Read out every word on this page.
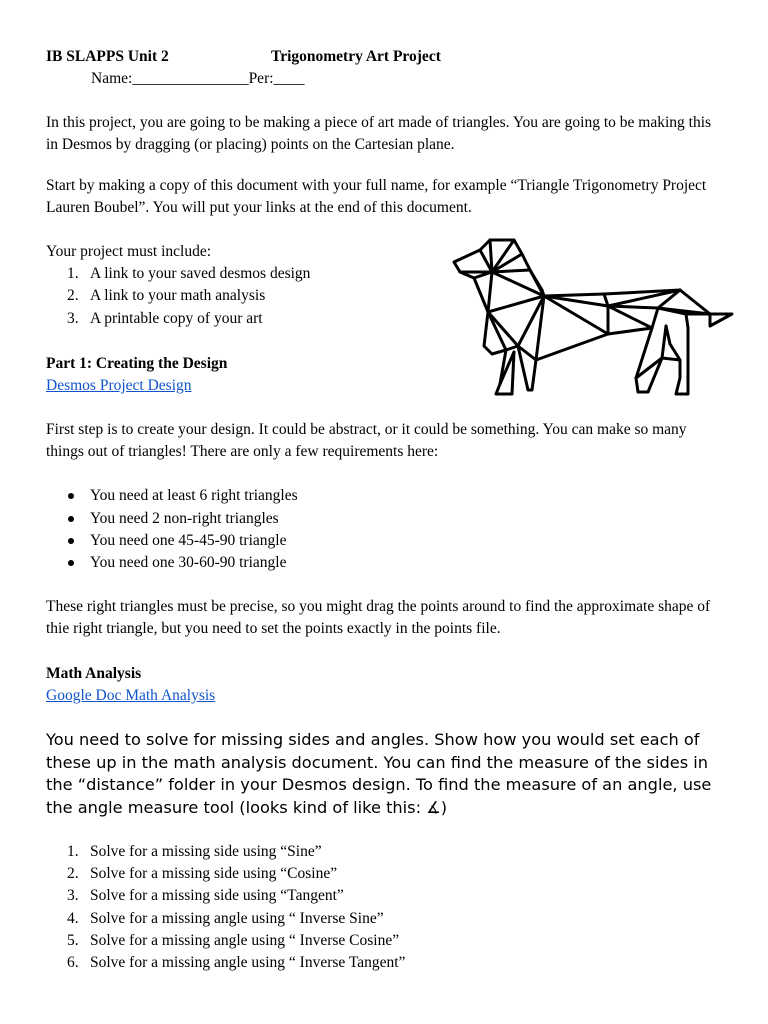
IB SLAPPS Unit 2	Trigonometry Art Project
Name:_______________Per:____
In this project, you are going to be making a piece of art made of triangles. You are going to be making this in Desmos by dragging (or placing) points on the Cartesian plane.
Start by making a copy of this document with your full name, for example “Triangle Trigonometry Project Lauren Boubel”. You will put your links at the end of this document.
Your project must include:
1. A link to your saved desmos design
2. A link to your math analysis
3. A printable copy of your art
Part 1: Creating the Design
Desmos Project Design
First step is to create your design. It could be abstract, or it could be something. You can make so many things out of triangles! There are only a few requirements here:
You need at least 6 right triangles
You need 2 non-right triangles
You need one 45-45-90 triangle
You need one 30-60-90 triangle
These right triangles must be precise, so you might drag the points around to find the approximate shape of thie right triangle, but you need to set the points exactly in the points file.
Math Analysis
Google Doc Math Analysis
You need to solve for missing sides and angles. Show how you would set each of these up in the math analysis document. You can find the measure of the sides in the “distance” folder in your Desmos design. To find the measure of an angle, use the angle measure tool (looks kind of like this: ∡)
1. Solve for a missing side using “Sine”
2. Solve for a missing side using “Cosine”
3. Solve for a missing side using “Tangent”
4. Solve for a missing angle using “ Inverse Sine”
5. Solve for a missing angle using “ Inverse Cosine”
6. Solve for a missing angle using “ Inverse Tangent”
